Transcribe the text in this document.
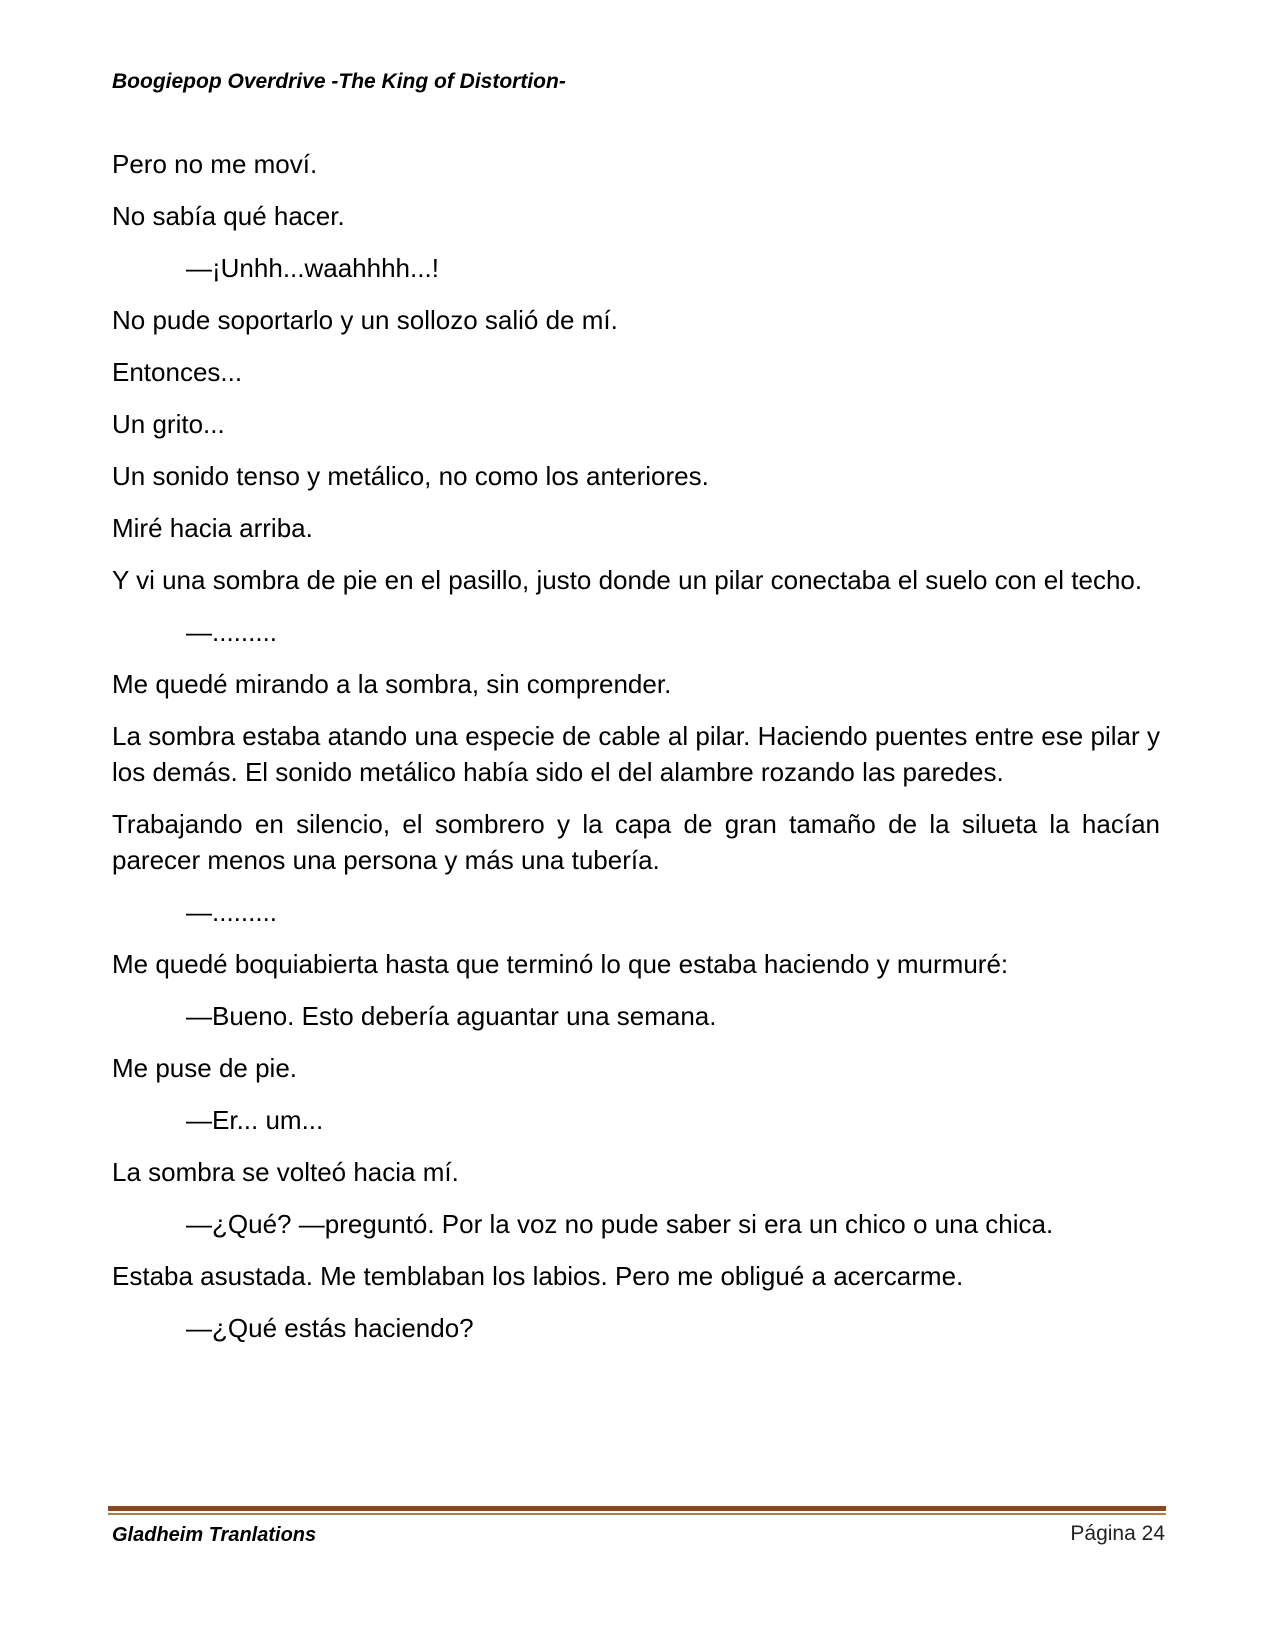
Boogiepop Overdrive -The King of Distortion-

Pero no me moví.

No sabía qué hacer.

—¡Unhh...waahhhh...!

No pude soportarlo y un sollozo salió de mí.

Entonces...

Un grito...

Un sonido tenso y metálico, no como los anteriores.

Miré hacia arriba.

Y vi una sombra de pie en el pasillo, justo donde un pilar conectaba el suelo con el techo.

—.........

Me quedé mirando a la sombra, sin comprender.

La sombra estaba atando una especie de cable al pilar. Haciendo puentes entre ese pilar y los demás. El sonido metálico había sido el del alambre rozando las paredes.

Trabajando en silencio, el sombrero y la capa de gran tamaño de la silueta la hacían parecer menos una persona y más una tubería.

—.........

Me quedé boquiabierta hasta que terminó lo que estaba haciendo y murmuré:

—Bueno. Esto debería aguantar una semana.

Me puse de pie.

—Er... um...

La sombra se volteó hacia mí.

—¿Qué? —preguntó. Por la voz no pude saber si era un chico o una chica.

Estaba asustada. Me temblaban los labios. Pero me obligué a acercarme.

—¿Qué estás haciendo?

Gladheim Tranlations	Página 24
